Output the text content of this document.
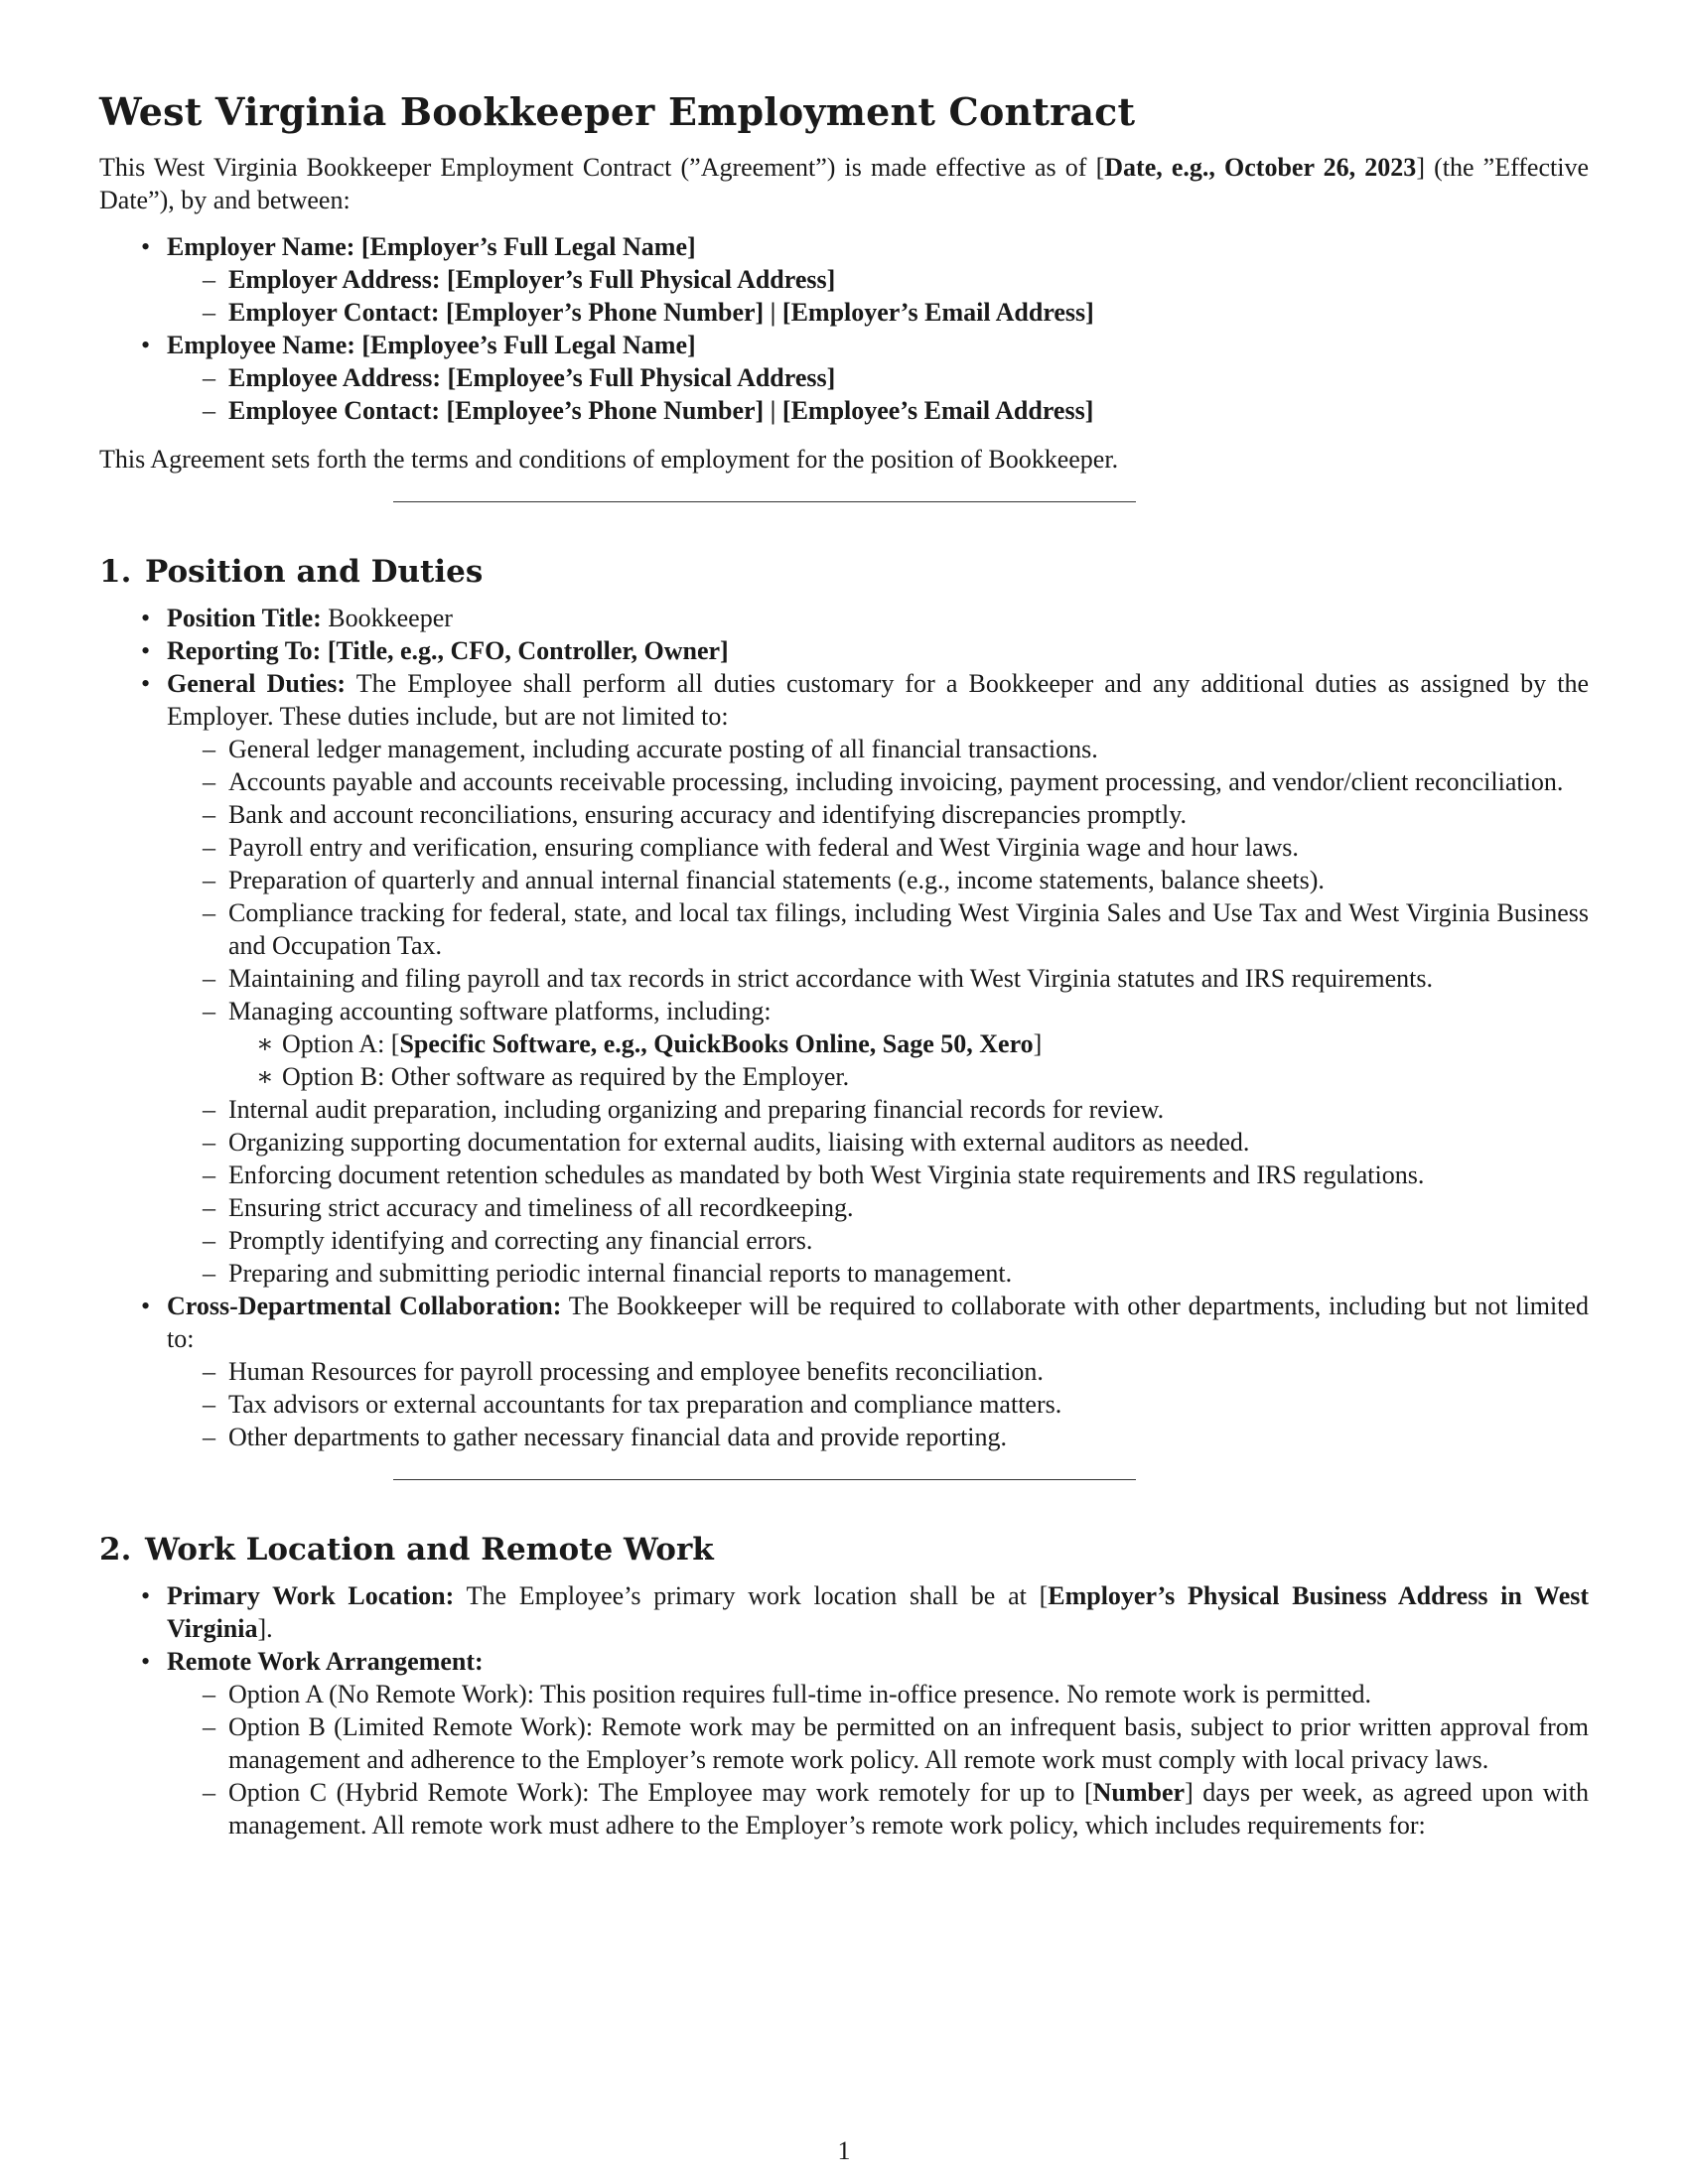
West Virginia Bookkeeper Employment Contract

This West Virginia Bookkeeper Employment Contract (”Agreement”) is made effective as of [Date, e.g., October 26, 2023] (the ”Effective Date”), by and between:

• Employer Name: [Employer’s Full Legal Name]
– Employer Address: [Employer’s Full Physical Address]
– Employer Contact: [Employer’s Phone Number] | [Employer’s Email Address]
• Employee Name: [Employee’s Full Legal Name]
– Employee Address: [Employee’s Full Physical Address]
– Employee Contact: [Employee’s Phone Number] | [Employee’s Email Address]

This Agreement sets forth the terms and conditions of employment for the position of Bookkeeper.

1. Position and Duties
• Position Title: Bookkeeper
• Reporting To: [Title, e.g., CFO, Controller, Owner]
• General Duties: The Employee shall perform all duties customary for a Bookkeeper and any additional duties as assigned by the Employer. These duties include, but are not limited to:
– General ledger management, including accurate posting of all financial transactions.
– Accounts payable and accounts receivable processing, including invoicing, payment processing, and vendor/client reconciliation.
– Bank and account reconciliations, ensuring accuracy and identifying discrepancies promptly.
– Payroll entry and verification, ensuring compliance with federal and West Virginia wage and hour laws.
– Preparation of quarterly and annual internal financial statements (e.g., income statements, balance sheets).
– Compliance tracking for federal, state, and local tax filings, including West Virginia Sales and Use Tax and West Virginia Business and Occupation Tax.
– Maintaining and filing payroll and tax records in strict accordance with West Virginia statutes and IRS requirements.
– Managing accounting software platforms, including:
∗ Option A: [Specific Software, e.g., QuickBooks Online, Sage 50, Xero]
∗ Option B: Other software as required by the Employer.
– Internal audit preparation, including organizing and preparing financial records for review.
– Organizing supporting documentation for external audits, liaising with external auditors as needed.
– Enforcing document retention schedules as mandated by both West Virginia state requirements and IRS regulations.
– Ensuring strict accuracy and timeliness of all recordkeeping.
– Promptly identifying and correcting any financial errors.
– Preparing and submitting periodic internal financial reports to management.
• Cross-Departmental Collaboration: The Bookkeeper will be required to collaborate with other departments, including but not limited to:
– Human Resources for payroll processing and employee benefits reconciliation.
– Tax advisors or external accountants for tax preparation and compliance matters.
– Other departments to gather necessary financial data and provide reporting.
2. Work Location and Remote Work
• Primary Work Location: The Employee’s primary work location shall be at [Employer’s Physical Business Address in West Virginia].
• Remote Work Arrangement:
– Option A (No Remote Work): This position requires full-time in-office presence. No remote work is permitted.
– Option B (Limited Remote Work): Remote work may be permitted on an infrequent basis, subject to prior written approval from management and adherence to the Employer’s remote work policy. All remote work must comply with local privacy laws.
– Option C (Hybrid Remote Work): The Employee may work remotely for up to [Number] days per week, as agreed upon with management. All remote work must adhere to the Employer’s remote work policy, which includes requirements for:
1
